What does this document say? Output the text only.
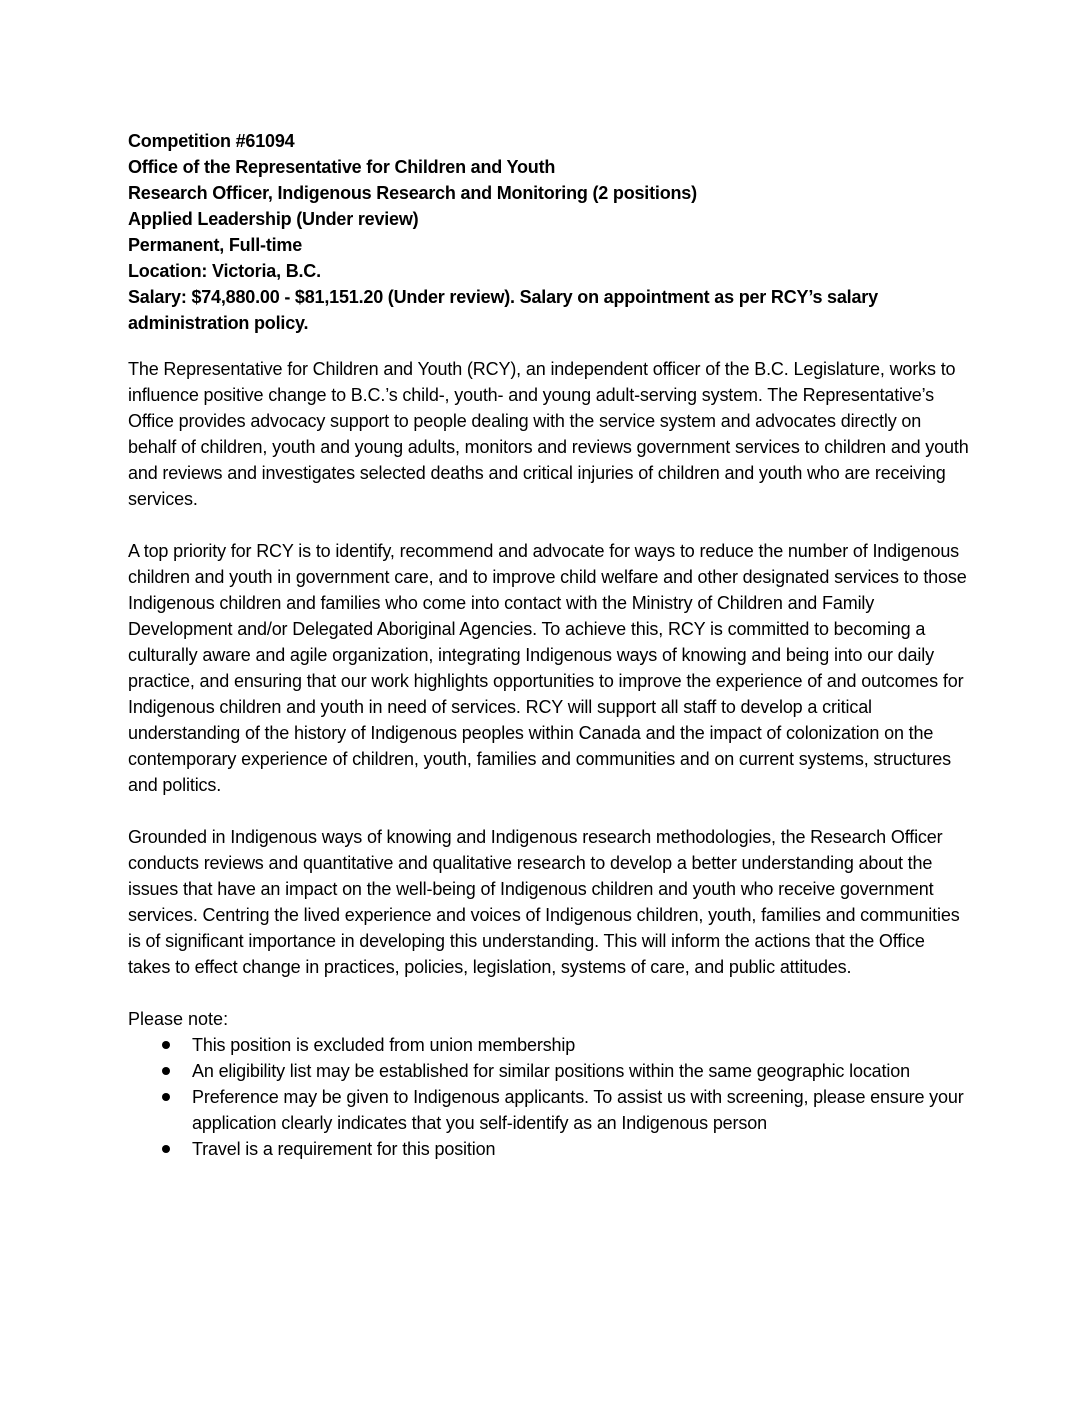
Competition #61094
Office of the Representative for Children and Youth
Research Officer, Indigenous Research and Monitoring (2 positions)
Applied Leadership (Under review)
Permanent, Full-time
Location: Victoria, B.C.
Salary: $74,880.00 - $81,151.20 (Under review). Salary on appointment as per RCY’s salary administration policy.

The Representative for Children and Youth (RCY), an independent officer of the B.C. Legislature, works to influence positive change to B.C.’s child-, youth- and young adult-serving system. The Representative’s Office provides advocacy support to people dealing with the service system and advocates directly on behalf of children, youth and young adults, monitors and reviews government services to children and youth and reviews and investigates selected deaths and critical injuries of children and youth who are receiving services.

A top priority for RCY is to identify, recommend and advocate for ways to reduce the number of Indigenous children and youth in government care, and to improve child welfare and other designated services to those Indigenous children and families who come into contact with the Ministry of Children and Family Development and/or Delegated Aboriginal Agencies. To achieve this, RCY is committed to becoming a culturally aware and agile organization, integrating Indigenous ways of knowing and being into our daily practice, and ensuring that our work highlights opportunities to improve the experience of and outcomes for Indigenous children and youth in need of services. RCY will support all staff to develop a critical understanding of the history of Indigenous peoples within Canada and the impact of colonization on the contemporary experience of children, youth, families and communities and on current systems, structures and politics.

Grounded in Indigenous ways of knowing and Indigenous research methodologies, the Research Officer conducts reviews and quantitative and qualitative research to develop a better understanding about the issues that have an impact on the well-being of Indigenous children and youth who receive government services. Centring the lived experience and voices of Indigenous children, youth, families and communities is of significant importance in developing this understanding. This will inform the actions that the Office takes to effect change in practices, policies, legislation, systems of care, and public attitudes.

Please note:
This position is excluded from union membership
An eligibility list may be established for similar positions within the same geographic location
Preference may be given to Indigenous applicants. To assist us with screening, please ensure your application clearly indicates that you self-identify as an Indigenous person
Travel is a requirement for this position
